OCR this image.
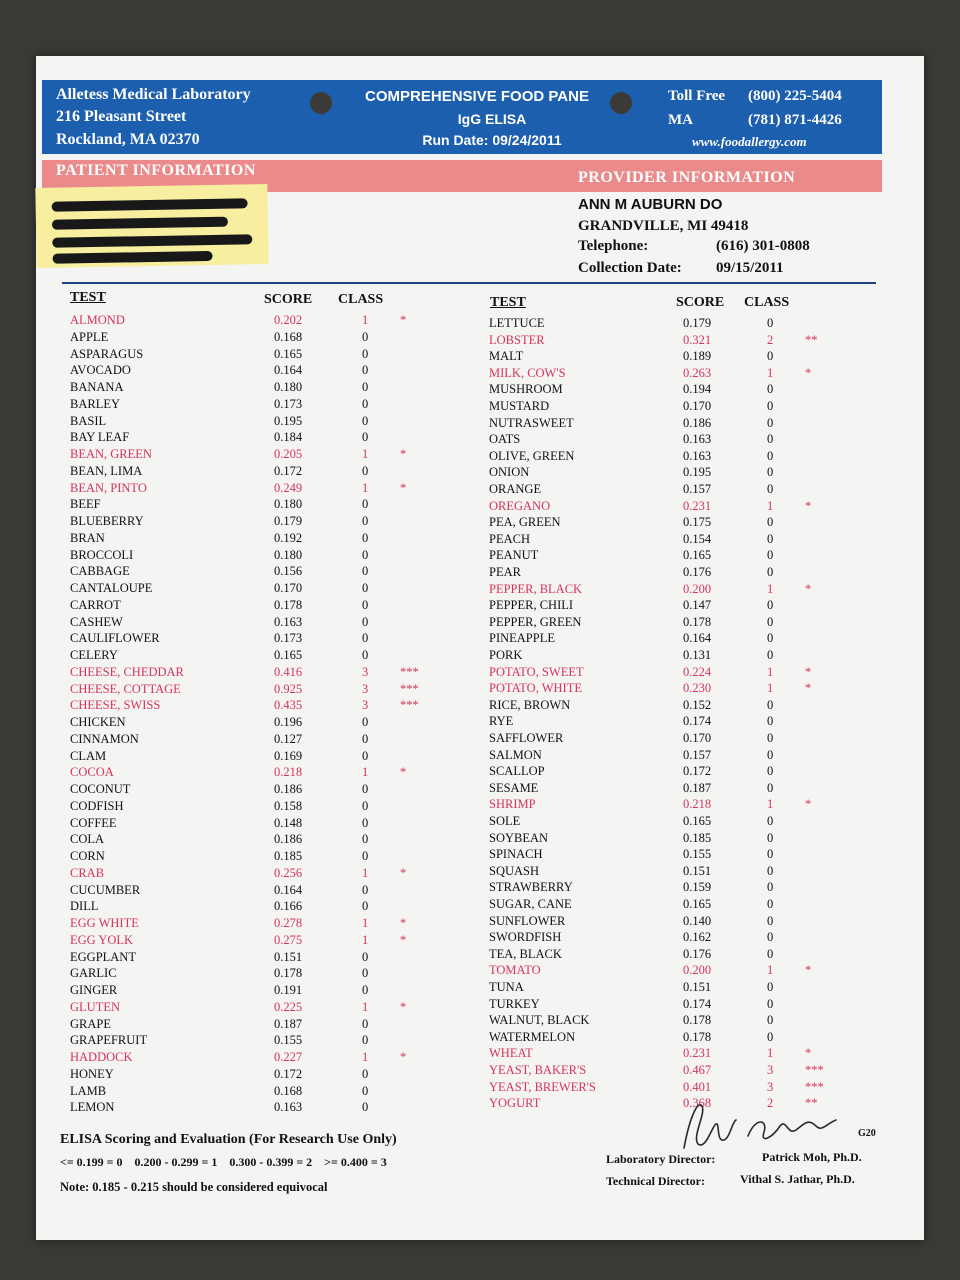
Alletess Medical Laboratory
216 Pleasant Street
Rockland, MA 02370
COMPREHENSIVE FOOD PANE
IgG ELISA
Run Date: 09/24/2011
Toll Free (800) 225-5404
MA	(781) 871-4426
www.foodallergy.com
PATIENT INFORMATION	PROVIDER INFORMATION
ANN M AUBURN DO
GRANDVILLE, MI 49418
Telephone:	(616) 301-0808
Collection Date: 09/15/2011
TEST	SCORE CLASS	TEST	SCORE CLASS
ALMOND	0.202	1	*
APPLE	0.168	0
ASPARAGUS	0.165	0
AVOCADO	0.164	0
BANANA	0.180	0
BARLEY	0.173	0
BASIL	0.195	0
BAY LEAF	0.184	0
BEAN, GREEN	0.205	1	*
BEAN, LIMA	0.172	0
BEAN, PINTO	0.249	1	*
BEEF	0.180	0
BLUEBERRY	0.179	0
BRAN	0.192	0
BROCCOLI	0.180	0
CABBAGE	0.156	0
CANTALOUPE	0.170	0
CARROT	0.178	0
CASHEW	0.163	0
CAULIFLOWER	0.173	0
CELERY	0.165	0
CHEESE, CHEDDAR	0.416	3	***
CHEESE, COTTAGE	0.925	3	***
CHEESE, SWISS	0.435	3	***
CHICKEN	0.196	0
CINNAMON	0.127	0
CLAM	0.169	0
COCOA	0.218	1	*
COCONUT	0.186	0
CODFISH	0.158	0
COFFEE	0.148	0
COLA	0.186	0
CORN	0.185	0
CRAB	0.256	1	*
CUCUMBER	0.164	0
DILL	0.166	0
EGG WHITE	0.278	1	*
EGG YOLK	0.275	1	*
EGGPLANT	0.151	0
GARLIC	0.178	0
GINGER	0.191	0
GLUTEN	0.225	1	*
GRAPE	0.187	0
GRAPEFRUIT	0.155	0
HADDOCK	0.227	1	*
HONEY	0.172	0
LAMB	0.168	0
LEMON	0.163	0
LETTUCE	0.179	0
LOBSTER	0.321	2	**
MALT	0.189	0
MILK, COW'S	0.263	1	*
MUSHROOM	0.194	0
MUSTARD	0.170	0
NUTRASWEET	0.186	0
OATS	0.163	0
OLIVE, GREEN	0.163	0
ONION	0.195	0
ORANGE	0.157	0
OREGANO	0.231	1	*
PEA, GREEN	0.175	0
PEACH	0.154	0
PEANUT	0.165	0
PEAR	0.176	0
PEPPER, BLACK	0.200	1	*
PEPPER, CHILI	0.147	0
PEPPER, GREEN	0.178	0
PINEAPPLE	0.164	0
PORK	0.131	0
POTATO, SWEET	0.224	1	*
POTATO, WHITE	0.230	1	*
RICE, BROWN	0.152	0
RYE	0.174	0
SAFFLOWER	0.170	0
SALMON	0.157	0
SCALLOP	0.172	0
SESAME	0.187	0
SHRIMP	0.218	1	*
SOLE	0.165	0
SOYBEAN	0.185	0
SPINACH	0.155	0
SQUASH	0.151	0
STRAWBERRY	0.159	0
SUGAR, CANE	0.165	0
SUNFLOWER	0.140	0
SWORDFISH	0.162	0
TEA, BLACK	0.176	0
TOMATO	0.200	1	*
TUNA	0.151	0
TURKEY	0.174	0
WALNUT, BLACK	0.178	0
WATERMELON	0.178	0
WHEAT	0.231	1	*
YEAST, BAKER'S	0.467	3	***
YEAST, BREWER'S	0.401	3	***
YOGURT	0.368	2	**
ELISA Scoring and Evaluation (For Research Use Only)
<= 0.199 = 0    0.200 - 0.299 = 1    0.300 - 0.399 = 2    >= 0.400 = 3
Note: 0.185 - 0.215 should be considered equivocal
G20
Laboratory Director:	Patrick Moh, Ph.D.
Technical Director:	Vithal S. Jathar, Ph.D.
